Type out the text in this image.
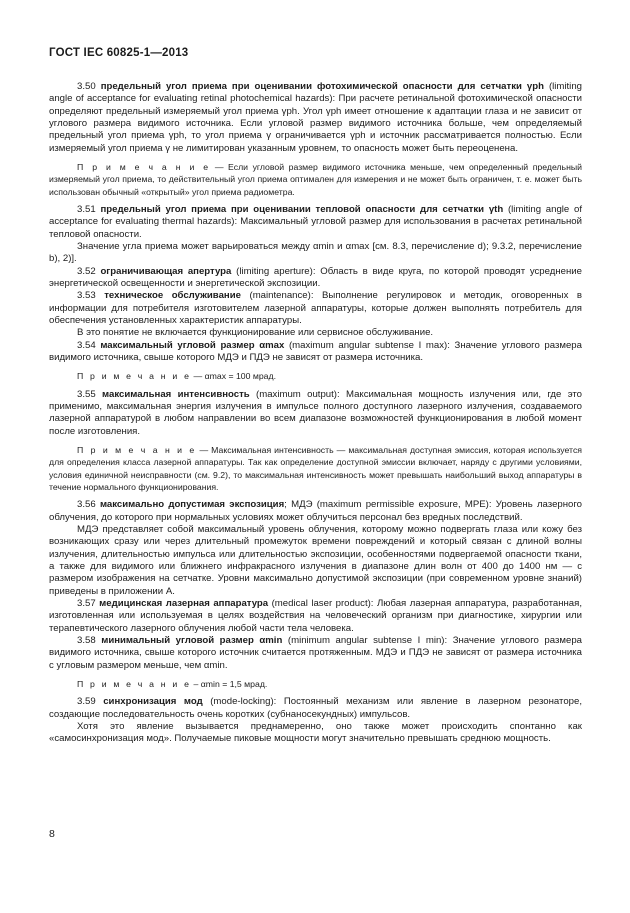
ГОСТ IEC 60825-1—2013

3.50 предельный угол приема при оценивании фотохимической опасности для сетчатки γph (limiting angle of acceptance for evaluating retinal photochemical hazards): При расчете ретинальной фотохимической опасности определяют предельный измеряемый угол приема γph. Угол γph имеет отношение к адаптации глаза и не зависит от углового размера видимого источника. Если угловой размер видимого источника больше, чем определяемый предельный угол приема γph, то угол приема γ ограничивается γph и источник рассматривается полностью. Если измеряемый угол приема γ не лимитирован указанным уровнем, то опасность может быть переоценена.

П р и м е ч а н и е — Если угловой размер видимого источника меньше, чем определенный предельный измеряемый угол приема, то действительный угол приема оптимален для измерения и не может быть ограничен, т. е. может быть использован обычный «открытый» угол приема радиометра.

3.51 предельный угол приема при оценивании тепловой опасности для сетчатки γth (limiting angle of acceptance for evaluating thermal hazards): Максимальный угловой размер для использования в расчетах ретинальной тепловой опасности.

Значение угла приема может варьироваться между αmin и αmax [см. 8.3, перечисление d); 9.3.2, перечисление b), 2)].

3.52 ограничивающая апертура (limiting aperture): Область в виде круга, по которой проводят усреднение энергетической освещенности и энергетической экспозиции.

3.53 техническое обслуживание (maintenance): Выполнение регулировок и методик, оговоренных в информации для потребителя изготовителем лазерной аппаратуры, которые должен выполнять потребитель для обеспечения установленных характеристик аппаратуры.

В это понятие не включается функционирование или сервисное обслуживание.

3.54 максимальный угловой размер αmax (maximum angular subtense I max): Значение углового размера видимого источника, свыше которого МДЭ и ПДЭ не зависят от размера источника.

П р и м е ч а н и е — αmax = 100 мрад.

3.55 максимальная интенсивность (maximum output): Максимальная мощность излучения или, где это применимо, максимальная энергия излучения в импульсе полного доступного лазерного излучения, создаваемого лазерной аппаратурой в любом направлении во всем диапазоне возможностей функционирования в любой момент после изготовления.

П р и м е ч а н и е — Максимальная интенсивность — максимальная доступная эмиссия, которая используется для определения класса лазерной аппаратуры. Так как определение доступной эмиссии включает, наряду с другими условиями, условия единичной неисправности (см. 9.2), то максимальная интенсивность может превышать наибольший выход аппаратуры в течение нормального функционирования.

3.56 максимально допустимая экспозиция; МДЭ (maximum permissible exposure, MPE): Уровень лазерного облучения, до которого при нормальных условиях может облучиться персонал без вредных последствий.

МДЭ представляет собой максимальный уровень облучения, которому можно подвергать глаза или кожу без возникающих сразу или через длительный промежуток времени повреждений и который связан с длиной волны излучения, длительностью импульса или длительностью экспозиции, особенностями подвергаемой опасности ткани, а также для видимого или ближнего инфракрасного излучения в диапазоне длин волн от 400 до 1400 нм — с размером изображения на сетчатке. Уровни максимально допустимой экспозиции (при современном уровне знаний) приведены в приложении А.

3.57 медицинская лазерная аппаратура (medical laser product): Любая лазерная аппаратура, разработанная, изготовленная или используемая в целях воздействия на человеческий организм при диагностике, хирургии или терапевтического лазерного облучения любой части тела человека.

3.58 минимальный угловой размер αmin (minimum angular subtense I min): Значение углового размера видимого источника, свыше которого источник считается протяженным. МДЭ и ПДЭ не зависят от размера источника с угловым размером меньше, чем αmin.

П р и м е ч а н и е – αmin = 1,5 мрад.

3.59 синхронизация мод (mode-locking): Постоянный механизм или явление в лазерном резонаторе, создающие последовательность очень коротких (субнаносекундных) импульсов.

Хотя это явление вызывается преднамеренно, оно также может происходить спонтанно как «самосинхронизация мод». Получаемые пиковые мощности могут значительно превышать среднюю мощность.

8
